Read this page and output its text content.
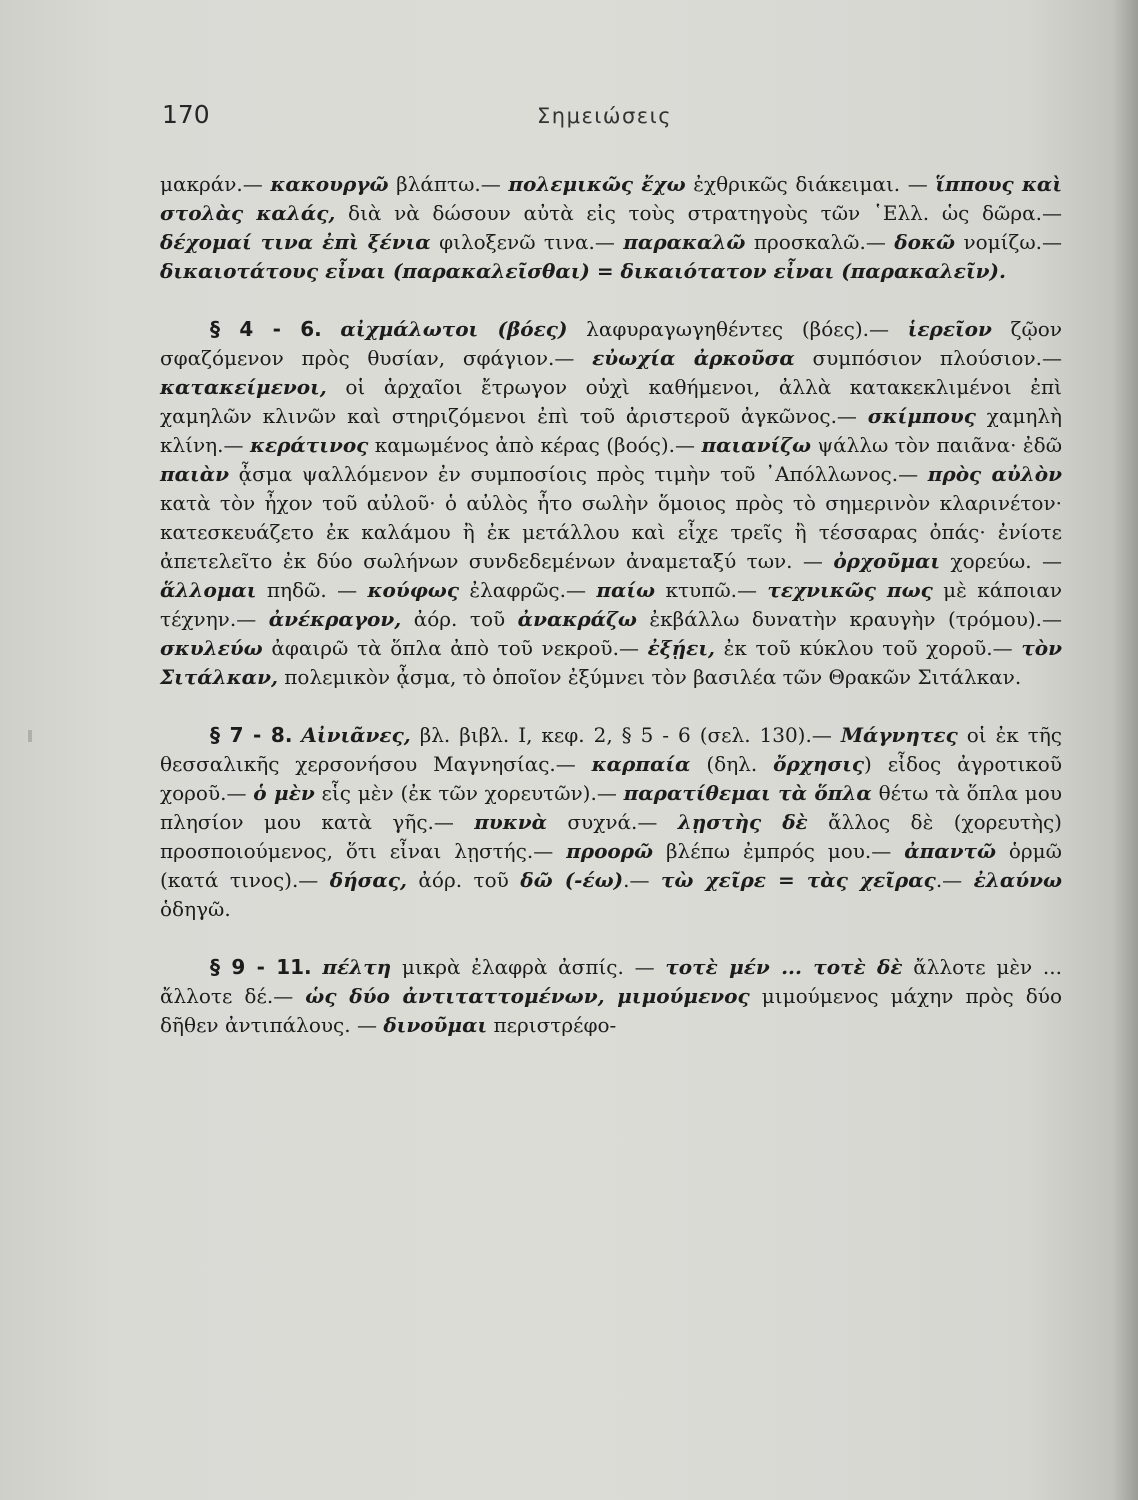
170	Σημειώσεις

μακράν.— κακουργῶ βλάπτω.— πολεμικῶς ἔχω ἐχθρικῶς διάκειμαι. — ἵππους καὶ στολὰς καλάς, διὰ νὰ δώσουν αὐτὰ εἰς τοὺς στρατηγοὺς τῶν ῾Ελλ. ὡς δῶρα.— δέχομαί τινα ἐπὶ ξένια φιλοξενῶ τινα.— παρακαλῶ προσκαλῶ.— δοκῶ νομίζω.— δικαιοτάτους εἶναι (παρακαλεῖσθαι) = δικαιότατον εἶναι (παρακαλεῖν).

§ 4 - 6. αἰχμάλωτοι (βόες) λαφυραγωγηθέντες (βόες).— ἱερεῖον ζῷον σφαζόμενον πρὸς θυσίαν, σφάγιον.— εὐωχία ἀρκοῦσα συμπόσιον πλούσιον.— κατακείμενοι, οἱ ἀρχαῖοι ἔτρωγον οὐχὶ καθήμενοι, ἀλλὰ κατακεκλιμένοι ἐπὶ χαμηλῶν κλινῶν καὶ στηριζόμενοι ἐπὶ τοῦ ἀριστεροῦ ἀγκῶνος.— σκίμπους χαμηλὴ κλίνη.— κεράτινος καμωμένος ἀπὸ κέρας (βοός).— παιανίζω ψάλλω τὸν παιᾶνα· ἐδῶ παιὰν ᾆσμα ψαλλόμενον ἐν συμποσίοις πρὸς τιμὴν τοῦ ᾿Απόλλωνος.— πρὸς αὐλὸν κατὰ τὸν ἦχον τοῦ αὐλοῦ· ὁ αὐλὸς ἦτο σωλὴν ὅμοιος πρὸς τὸ σημερινὸν κλαρινέτον· κατεσκευάζετο ἐκ καλάμου ἢ ἐκ μετάλλου καὶ εἶχε τρεῖς ἢ τέσσαρας ὀπάς· ἐνίοτε ἀπετελεῖτο ἐκ δύο σωλήνων συνδεδεμένων ἀναμεταξύ των. — ὀρχοῦμαι χορεύω. — ἅλλομαι πηδῶ. — κούφως ἐλαφρῶς.— παίω κτυπῶ.— τεχνικῶς πως μὲ κάποιαν τέχνην.— ἀνέκραγον, ἀόρ. τοῦ ἀνακράζω ἐκβάλλω δυνατὴν κραυγὴν (τρόμου).— σκυλεύω ἀφαιρῶ τὰ ὅπλα ἀπὸ τοῦ νεκροῦ.— ἐξῄει, ἐκ τοῦ κύκλου τοῦ χοροῦ.— τὸν Σιτάλκαν, πολεμικὸν ᾆσμα, τὸ ὁποῖον ἐξύμνει τὸν βασιλέα τῶν Θρακῶν Σιτάλκαν.

§ 7 - 8. Αἰνιᾶνες, βλ. βιβλ. I, κεφ. 2, § 5 - 6 (σελ. 130).— Μάγνητες οἱ ἐκ τῆς θεσσαλικῆς χερσονήσου Μαγνησίας.— καρπαία (δηλ. ὄρχησις) εἶδος ἀγροτικοῦ χοροῦ.— ὁ μὲν εἷς μὲν (ἐκ τῶν χορευτῶν).— παρατίθεμαι τὰ ὅπλα θέτω τὰ ὅπλα μου πλησίον μου κατὰ γῆς.— πυκνὰ συχνά.— λῃστὴς δὲ ἄλλος δὲ (χορευτὴς) προσποιούμενος, ὅτι εἶναι λῃστής.— προορῶ βλέπω ἐμπρός μου.— ἀπαντῶ ὁρμῶ (κατά τινος).— δήσας, ἀόρ. τοῦ δῶ (-έω).— τὼ χεῖρε = τὰς χεῖρας.— ἐλαύνω ὁδηγῶ.

§ 9 - 11. πέλτη μικρὰ ἐλαφρὰ ἀσπίς. — τοτὲ μέν ... τοτὲ δὲ ἄλλοτε μὲν ... ἄλλοτε δέ.— ὡς δύο ἀντιταττομένων, μιμούμενος μιμούμενος μάχην πρὸς δύο δῆθεν ἀντιπάλους. — δινοῦμαι περιστρέφο-
